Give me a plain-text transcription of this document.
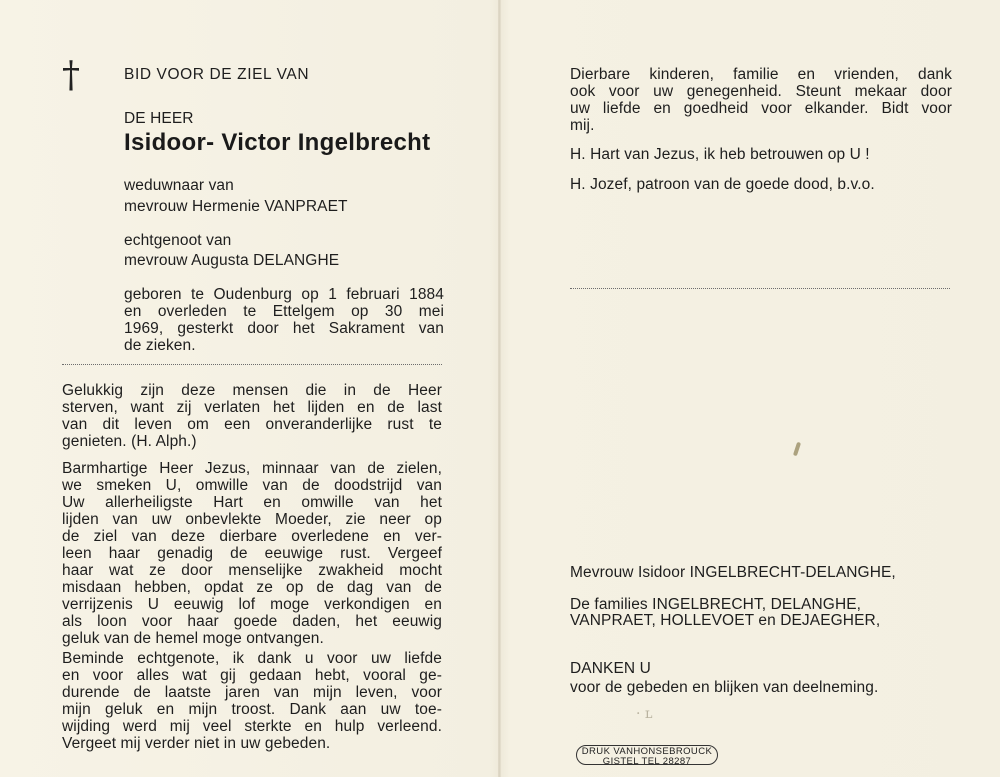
†	BID VOOR DE ZIEL VAN

DE HEER

Isidoor- Victor Ingelbrecht

weduwnaar van

mevrouw Hermenie VANPRAET

echtgenoot van

mevrouw Augusta DELANGHE

geboren te Oudenburg op 1 februari 1884

en overleden te Ettelgem op 30 mei

1969, gesterkt door het Sakrament van

de zieken.

Gelukkig zijn deze mensen die in de Heer

sterven, want zij verlaten het lijden en de last

van dit leven om een onveranderlijke rust te

genieten. (H. Alph.)

Barmhartige Heer Jezus, minnaar van de zielen,

we smeken U, omwille van de doodstrijd van

Uw allerheiligste Hart en omwille van het

lijden van uw onbevlekte Moeder, zie neer op

de ziel van deze dierbare overledene en ver-

leen haar genadig de eeuwige rust. Vergeef

haar wat ze door menselijke zwakheid mocht

misdaan hebben, opdat ze op de dag van de

verrijzenis U eeuwig lof moge verkondigen en

als loon voor haar goede daden, het eeuwig

geluk van de hemel moge ontvangen.

Beminde echtgenote, ik dank u voor uw liefde

en voor alles wat gij gedaan hebt, vooral ge-

durende de laatste jaren van mijn leven, voor

mijn geluk en mijn troost. Dank aan uw toe-

wijding werd mij veel sterkte en hulp verleend.

Vergeet mij verder niet in uw gebeden.

Dierbare kinderen, familie en vrienden, dank

ook voor uw genegenheid. Steunt mekaar door

uw liefde en goedheid voor elkander. Bidt voor

mij.

H. Hart van Jezus, ik heb betrouwen op U !

H. Jozef, patroon van de goede dood, b.v.o.

Mevrouw Isidoor INGELBRECHT-DELANGHE,

De families INGELBRECHT, DELANGHE,

VANPRAET, HOLLEVOET en DEJAEGHER,

DANKEN U

voor de gebeden en blijken van deelneming.

· ʟ
DRUK VANHONSEBROUCK
GISTEL TEL 28287
